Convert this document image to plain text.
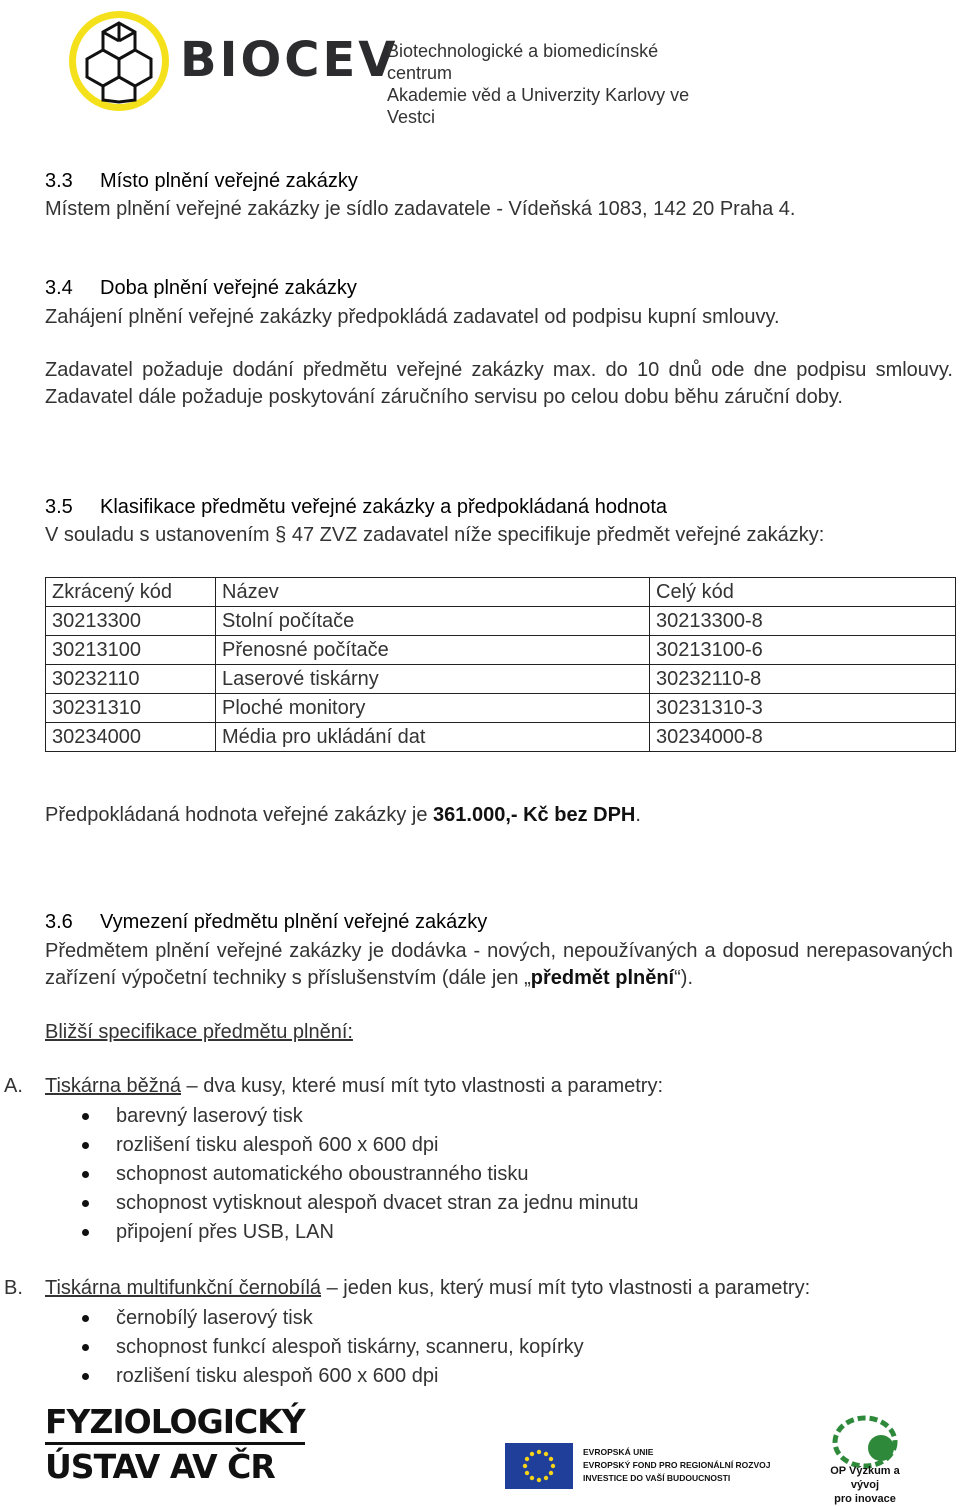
BIOCEV
Biotechnologické a biomedicínské centrum
Akademie věd a Univerzity Karlovy ve Vestci
3.3 Místo plnění veřejné zakázky
Místem plnění veřejné zakázky je sídlo zadavatele - Vídeňská 1083, 142 20 Praha 4.
3.4 Doba plnění veřejné zakázky
Zahájení plnění veřejné zakázky předpokládá zadavatel od podpisu kupní smlouvy.
Zadavatel požaduje dodání předmětu veřejné zakázky max. do 10 dnů ode dne podpisu smlouvy. Zadavatel dále požaduje poskytování záručního servisu po celou dobu běhu záruční doby.
3.5 Klasifikace předmětu veřejné zakázky a předpokládaná hodnota
V souladu s ustanovením § 47 ZVZ zadavatel níže specifikuje předmět veřejné zakázky:
Zkrácený kód	Název	Celý kód
30213300	Stolní počítače	30213300-8
30213100	Přenosné počítače	30213100-6
30232110	Laserové tiskárny	30232110-8
30231310	Ploché monitory	30231310-3
30234000	Média pro ukládání dat	30234000-8
Předpokládaná hodnota veřejné zakázky je 361.000,- Kč bez DPH.
3.6 Vymezení předmětu plnění veřejné zakázky
Předmětem plnění veřejné zakázky je dodávka - nových, nepoužívaných a doposud nerepasovaných zařízení výpočetní techniky s příslušenstvím (dále jen „předmět plnění“).
Bližší specifikace předmětu plnění:
A. Tiskárna běžná – dva kusy, které musí mít tyto vlastnosti a parametry:
barevný laserový tisk
rozlišení tisku alespoň 600 x 600 dpi
schopnost automatického oboustranného tisku
schopnost vytisknout alespoň dvacet stran za jednu minutu
připojení přes USB, LAN
B. Tiskárna multifunkční černobílá – jeden kus, který musí mít tyto vlastnosti a parametry:
černobílý laserový tisk
schopnost funkcí alespoň tiskárny, scanneru, kopírky
rozlišení tisku alespoň 600 x 600 dpi
FYZIOLOGICKÝ
ÚSTAV AV ČR	EVROPSKÁ UNIE
EVROPSKÝ FOND PRO REGIONÁLNÍ ROZVOJ
INVESTICE DO VAŠÍ BUDOUCNOSTI
OP Výzkum a vývoj
pro inovace
